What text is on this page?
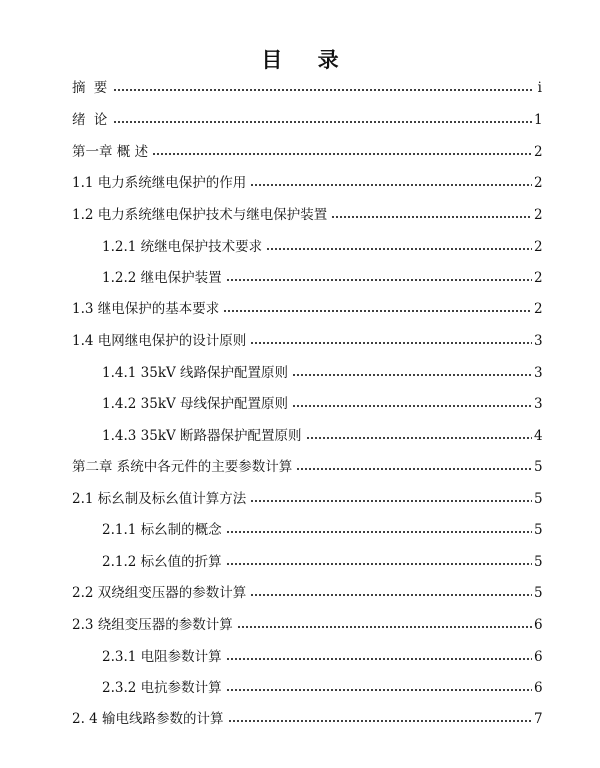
目 录
摘 要	i
绪 论	1
第一章 概 述	2
1.1 电力系统继电保护的作用	2
1.2 电力系统继电保护技术与继电保护装置	2
1.2.1 统继电保护技术要求	2
1.2.2 继电保护装置	2
1.3 继电保护的基本要求	2
1.4 电网继电保护的设计原则	3
1.4.1 35kV 线路保护配置原则	3
1.4.2 35kV 母线保护配置原则	3
1.4.3 35kV 断路器保护配置原则	4
第二章 系统中各元件的主要参数计算	5
2.1 标幺制及标幺值计算方法	5
2.1.1 标幺制的概念	5
2.1.2 标幺值的折算	5
2.2 双绕组变压器的参数计算	5
2.3 绕组变压器的参数计算	6
2.3.1 电阻参数计算	6
2.3.2 电抗参数计算	6
2. 4 输电线路参数的计算	7
